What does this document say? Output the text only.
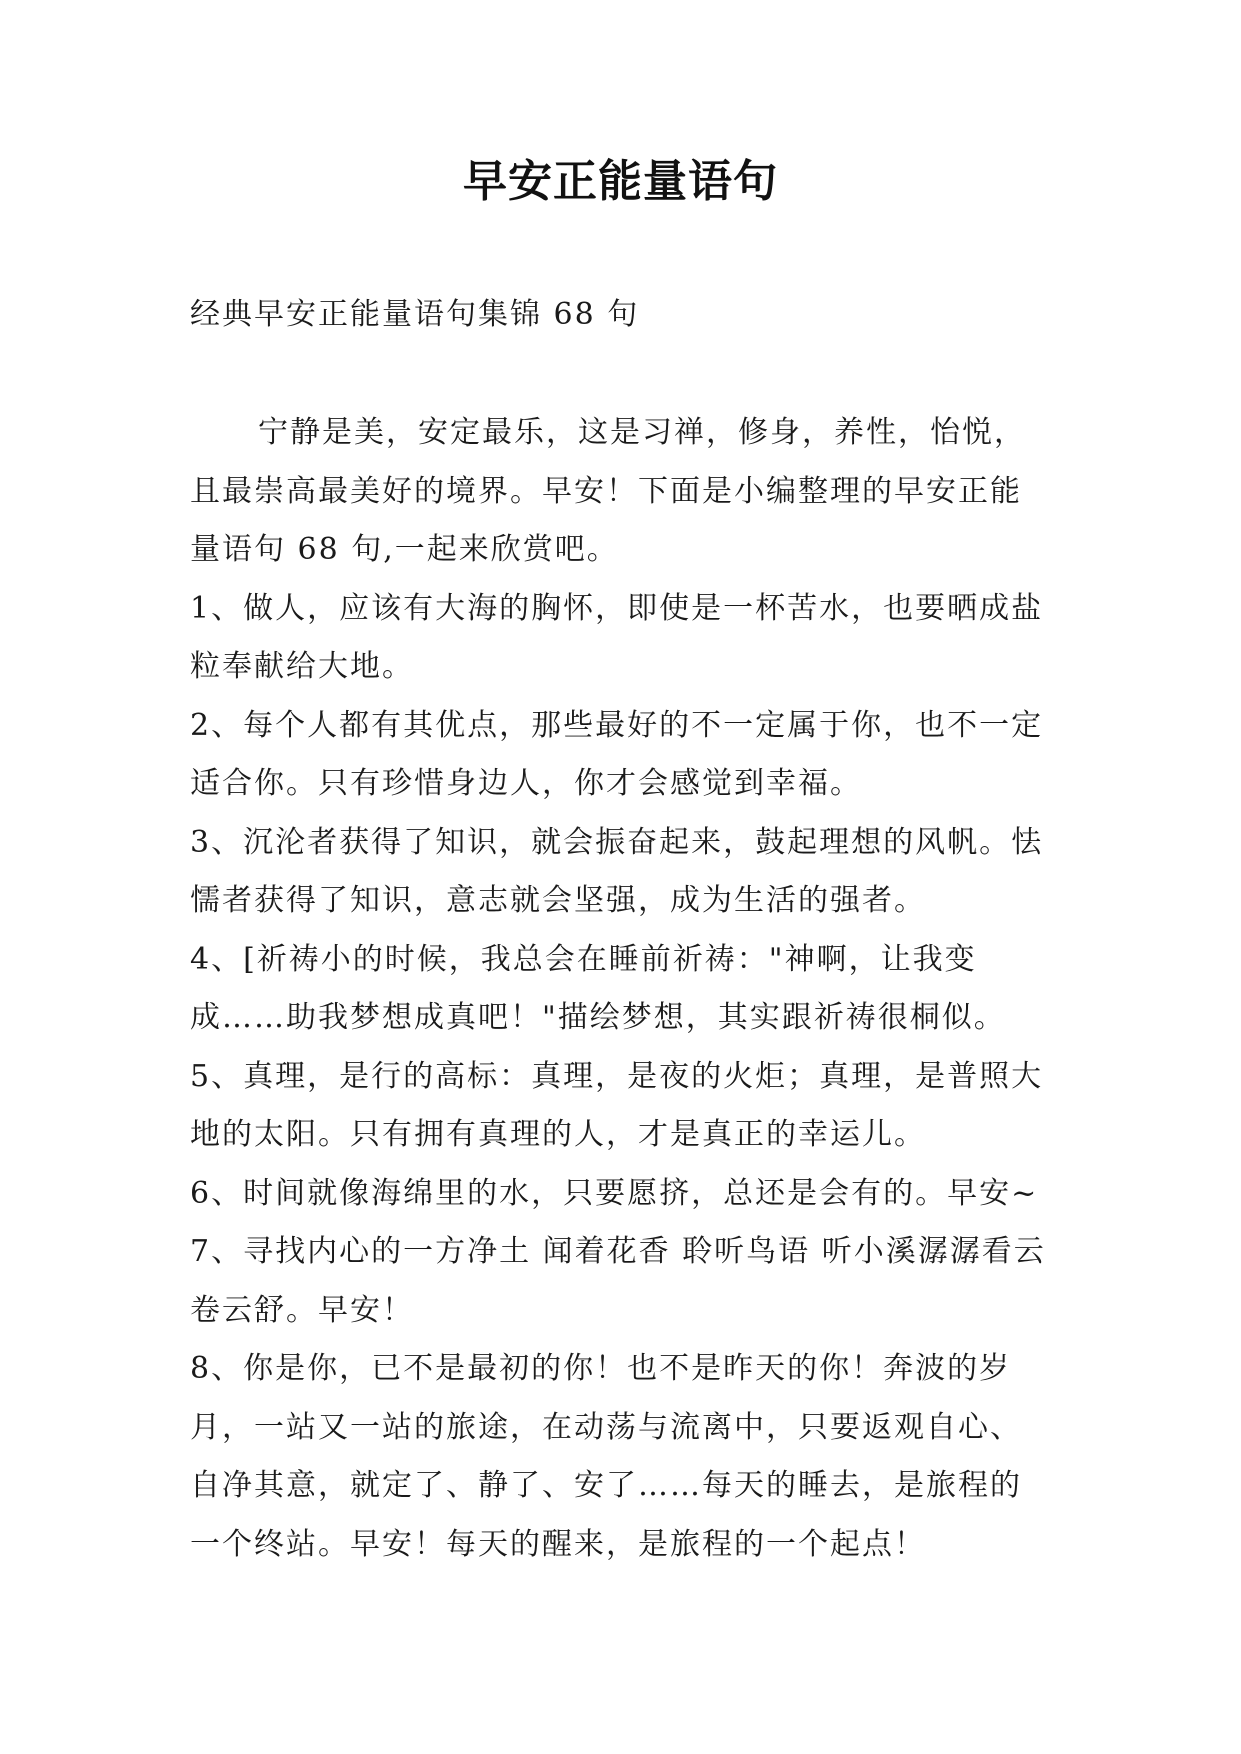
早安正能量语句

经典早安正能量语句集锦 68 句

宁静是美，安定最乐，这是习禅，修身，养性，怡悦，且最崇高最美好的境界。早安！下面是小编整理的早安正能量语句 68 句,一起来欣赏吧。

1、做人，应该有大海的胸怀，即使是一杯苦水，也要晒成盐粒奉献给大地。

2、每个人都有其优点，那些最好的不一定属于你，也不一定适合你。只有珍惜身边人，你才会感觉到幸福。

3、沉沦者获得了知识，就会振奋起来，鼓起理想的风帆。怯懦者获得了知识，意志就会坚强，成为生活的强者。

4、[祈祷小的时候，我总会在睡前祈祷："神啊，让我变成……助我梦想成真吧！"描绘梦想，其实跟祈祷很桐似。

5、真理，是行的高标：真理，是夜的火炬；真理，是普照大地的太阳。只有拥有真理的人，才是真正的幸运儿。

6、时间就像海绵里的水，只要愿挤，总还是会有的。早安~

7、寻找内心的一方净土 闻着花香 聆听鸟语 听小溪潺潺看云卷云舒。早安！

8、你是你，已不是最初的你！也不是昨天的你！奔波的岁月，一站又一站的旅途，在动荡与流离中，只要返观自心、自净其意，就定了、静了、安了……每天的睡去，是旅程的一个终站。早安！每天的醒来，是旅程的一个起点！
